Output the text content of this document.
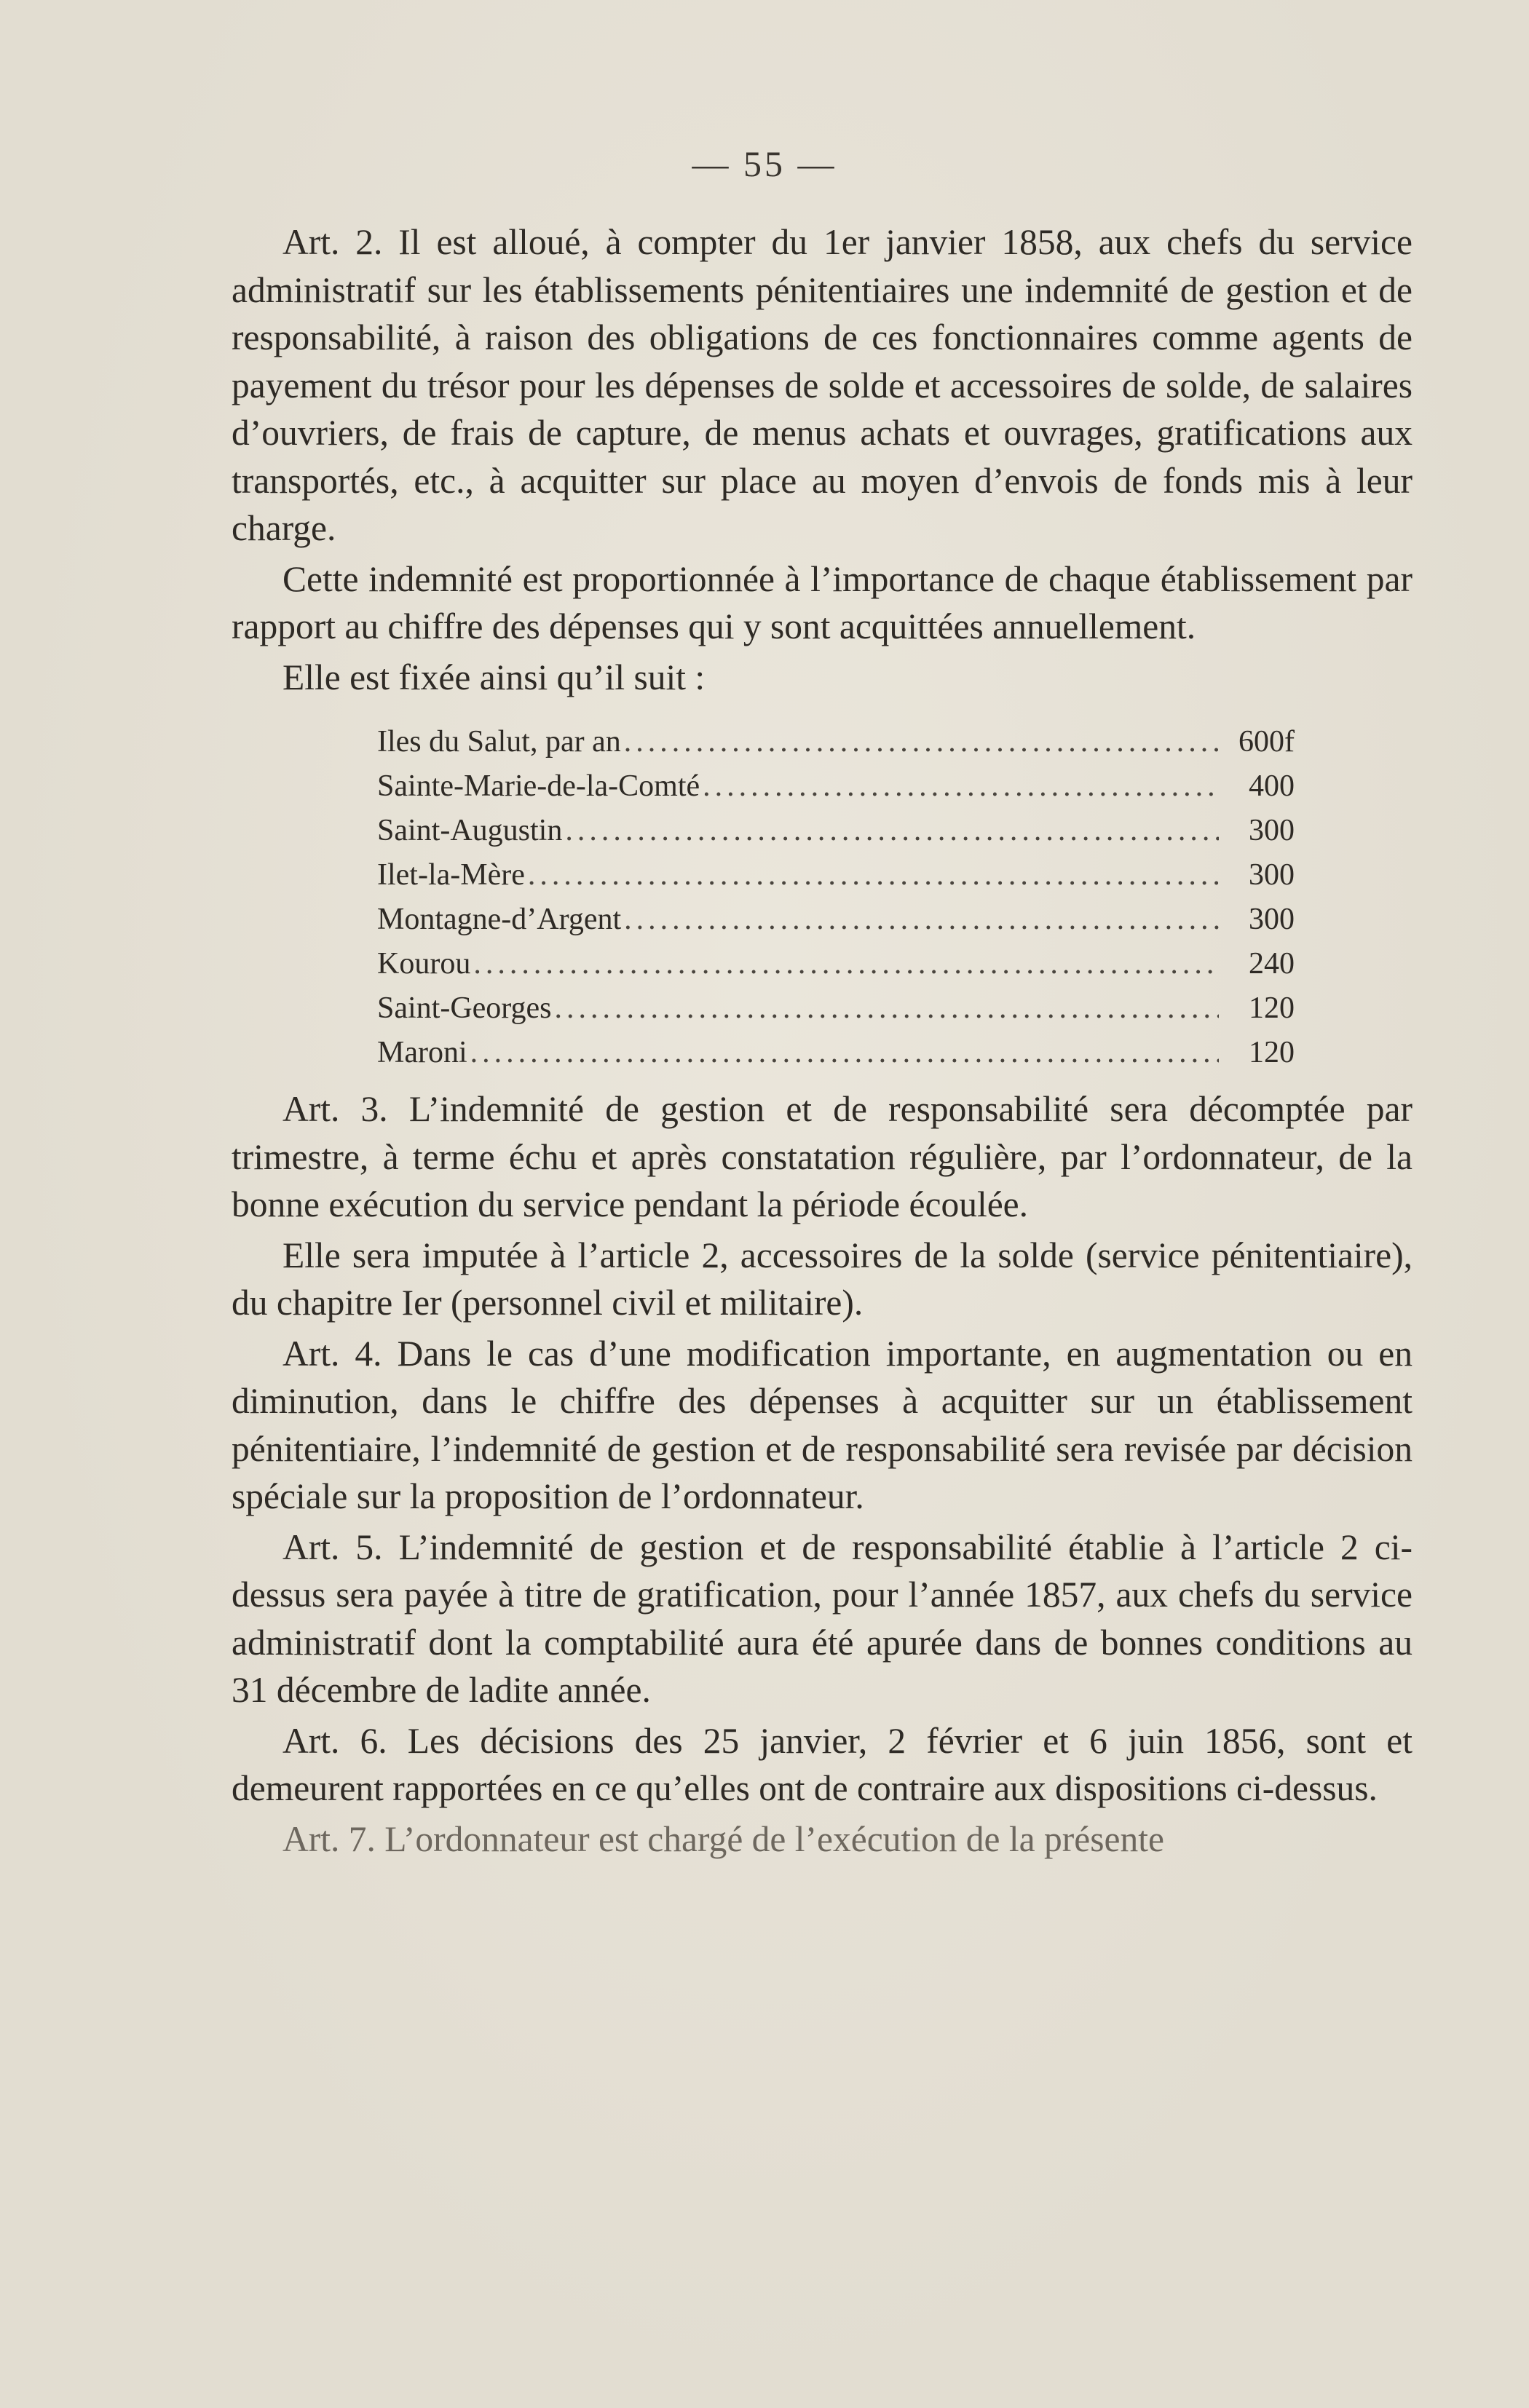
— 55 —

Art. 2. Il est alloué, à compter du 1er janvier 1858, aux chefs du service administratif sur les établissements pénitentiaires une indemnité de gestion et de responsabilité, à raison des obligations de ces fonctionnaires comme agents de payement du trésor pour les dépenses de solde et accessoires de solde, de salaires d’ouvriers, de frais de capture, de menus achats et ouvrages, gratifications aux transportés, etc., à acquitter sur place au moyen d’envois de fonds mis à leur charge.

Cette indemnité est proportionnée à l’importance de chaque établissement par rapport au chiffre des dépenses qui y sont acquittées annuellement.

Elle est fixée ainsi qu’il suit :

Iles du Salut, par an .....	600f
Sainte-Marie-de-la-Comté .....	400
Saint-Augustin .....	300
Ilet-la-Mère .....	300
Montagne-d’Argent .....	300
Kourou .....	240
Saint-Georges .....	120
Maroni .....	120

Art. 3. L’indemnité de gestion et de responsabilité sera décomptée par trimestre, à terme échu et après constatation régulière, par l’ordonnateur, de la bonne exécution du service pendant la période écoulée.

Elle sera imputée à l’article 2, accessoires de la solde (service pénitentiaire), du chapitre Ier (personnel civil et militaire).

Art. 4. Dans le cas d’une modification importante, en augmentation ou en diminution, dans le chiffre des dépenses à acquitter sur un établissement pénitentiaire, l’indemnité de gestion et de responsabilité sera revisée par décision spéciale sur la proposition de l’ordonnateur.

Art. 5. L’indemnité de gestion et de responsabilité établie à l’article 2 ci-dessus sera payée à titre de gratification, pour l’année 1857, aux chefs du service administratif dont la comptabilité aura été apurée dans de bonnes conditions au 31 décembre de ladite année.

Art. 6. Les décisions des 25 janvier, 2 février et 6 juin 1856, sont et demeurent rapportées en ce qu’elles ont de contraire aux dispositions ci-dessus.

Art. 7. L’ordonnateur est chargé de l’exécution de la présente
